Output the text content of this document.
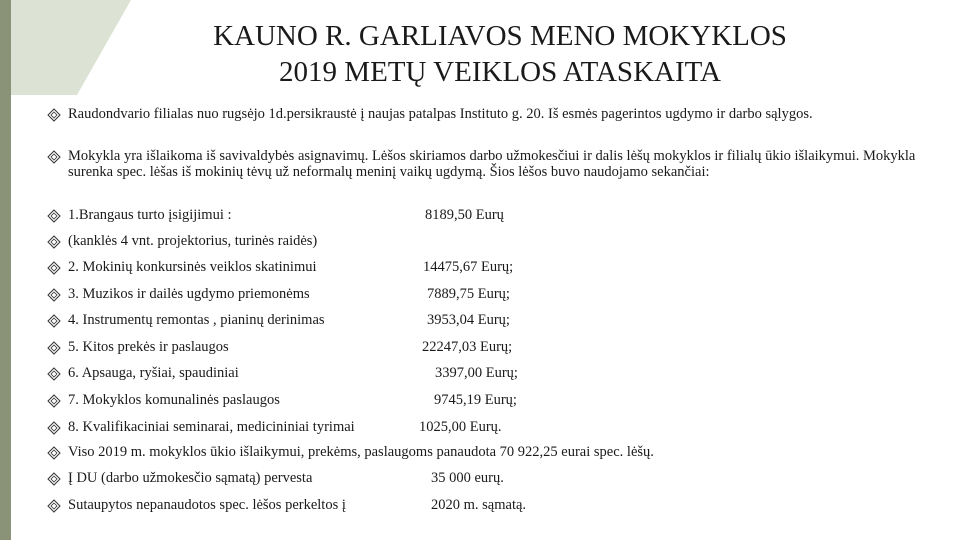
KAUNO R. GARLIAVOS MENO MOKYKLOS
2019 METŲ VEIKLOS ATASKAITA
Raudondvario filialas nuo rugsėjo 1d.persikraustė į naujas patalpas Instituto g. 20. Iš esmės pagerintos ugdymo ir darbo sąlygos.
Mokykla yra išlaikoma iš savivaldybės asignavimų. Lėšos skiriamos darbo užmokesčiui ir dalis lėšų mokyklos ir filialų ūkio išlaikymui. Mokykla surenka spec. lėšas iš mokinių tėvų už neformalų meninį vaikų ugdymą. Šios lėšos buvo naudojamo sekančiai:
1.Brangaus turto įsigijimui :	8189,50 Eurų
(kanklės 4 vnt. projektorius, turinės raidės)
2. Mokinių konkursinės veiklos skatinimui	14475,67 Eurų;
3. Muzikos ir dailės ugdymo priemonėms	7889,75 Eurų;
4. Instrumentų remontas , pianinų derinimas	3953,04 Eurų;
5. Kitos prekės ir paslaugos	22247,03 Eurų;
6. Apsauga, ryšiai, spaudiniai	3397,00 Eurų;
7. Mokyklos komunalinės paslaugos	9745,19 Eurų;
8. Kvalifikaciniai seminarai, medicininiai tyrimai	1025,00 Eurų.
Viso 2019 m. mokyklos ūkio išlaikymui, prekėms, paslaugoms panaudota 70 922,25 eurai spec. lėšų.
Į DU (darbo užmokesčio sąmatą) pervesta	35 000 eurų.
Sutaupytos nepanaudotos spec. lėšos perkeltos į	2020 m. sąmatą.
